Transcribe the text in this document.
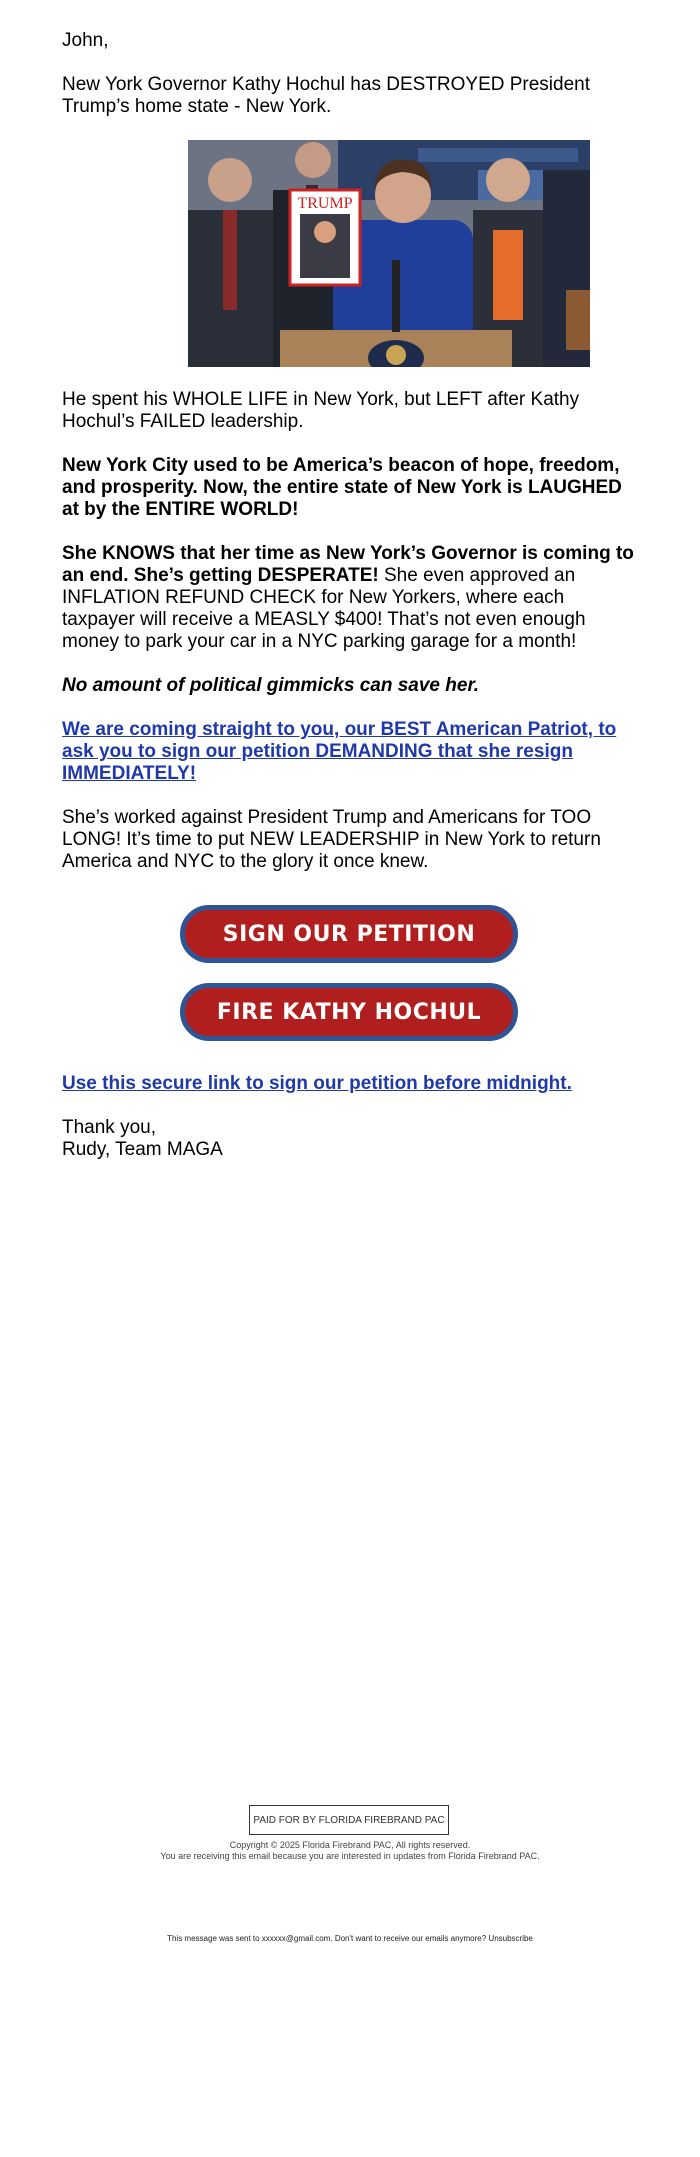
John,

New York Governor Kathy Hochul has DESTROYED President Trump’s home state - New York.

He spent his WHOLE LIFE in New York, but LEFT after Kathy Hochul’s FAILED leadership.

New York City used to be America’s beacon of hope, freedom, and prosperity. Now, the entire state of New York is LAUGHED at by the ENTIRE WORLD!

She KNOWS that her time as New York’s Governor is coming to an end. She’s getting DESPERATE! She even approved an INFLATION REFUND CHECK for New Yorkers, where each taxpayer will receive a MEASLY $400! That’s not even enough money to park your car in a NYC parking garage for a month!

No amount of political gimmicks can save her.

We are coming straight to you, our BEST American Patriot, to ask you to sign our petition DEMANDING that she resign IMMEDIATELY!

She’s worked against President Trump and Americans for TOO LONG! It’s time to put NEW LEADERSHIP in New York to return America and NYC to the glory it once knew.

Use this secure link to sign our petition before midnight.

Thank you,

Rudy, Team MAGA

TRUMP
SIGN OUR PETITION
FIRE KATHY HOCHUL
PAID FOR BY FLORIDA FIREBRAND PAC
Copyright © 2025 Florida Firebrand PAC, All rights reserved.
You are receiving this email because you are interested in updates from Florida Firebrand PAC.
This message was sent to xxxxxx@gmail.com. Don't want to receive our emails anymore? Unsubscribe
